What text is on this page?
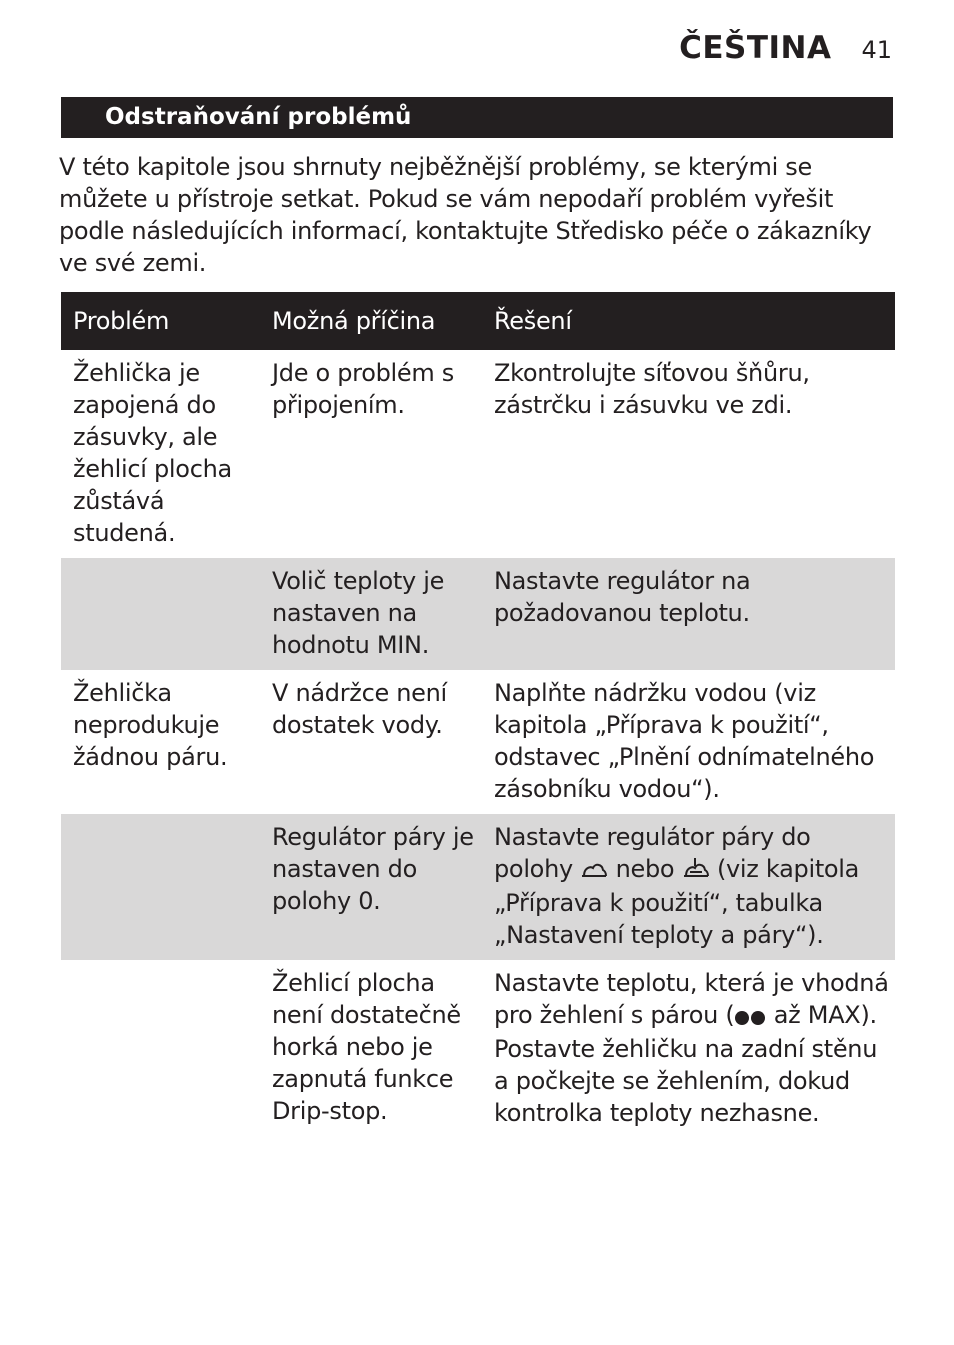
ČEŠTINA 41
Odstraňování problémů

V této kapitole jsou shrnuty nejběžnější problémy, se kterými se můžete u přístroje setkat. Pokud se vám nepodaří problém vyřešit podle následujících informací, kontaktujte Středisko péče o zákazníky ve své zemi.

Problém	Možná příčina	Řešení
Žehlička je zapojená do zásuvky, ale žehlicí plocha zůstává studená.	Jde o problém s připojením.	Zkontrolujte síťovou šňůru, zástrčku i zásuvku ve zdi.
	Volič teploty je nastaven na hodnotu MIN.	Nastavte regulátor na požadovanou teplotu.
Žehlička neprodukuje žádnou páru.	V nádržce není dostatek vody.	Naplňte nádržku vodou (viz kapitola „Příprava k použití“, odstavec „Plnění odnímatelného zásobníku vodou“).
	Regulátor páry je nastaven do polohy 0.	Nastavte regulátor páry do polohy nebo (viz kapitola „Příprava k použití“, tabulka „Nastavení teploty a páry“).
	Žehlicí plocha není dostatečně horká nebo je zapnutá funkce Drip-stop.	Nastavte teplotu, která je vhodná pro žehlení s párou ( až MAX). Postavte žehličku na zadní stěnu a počkejte se žehlením, dokud kontrolka teploty nezhasne.
